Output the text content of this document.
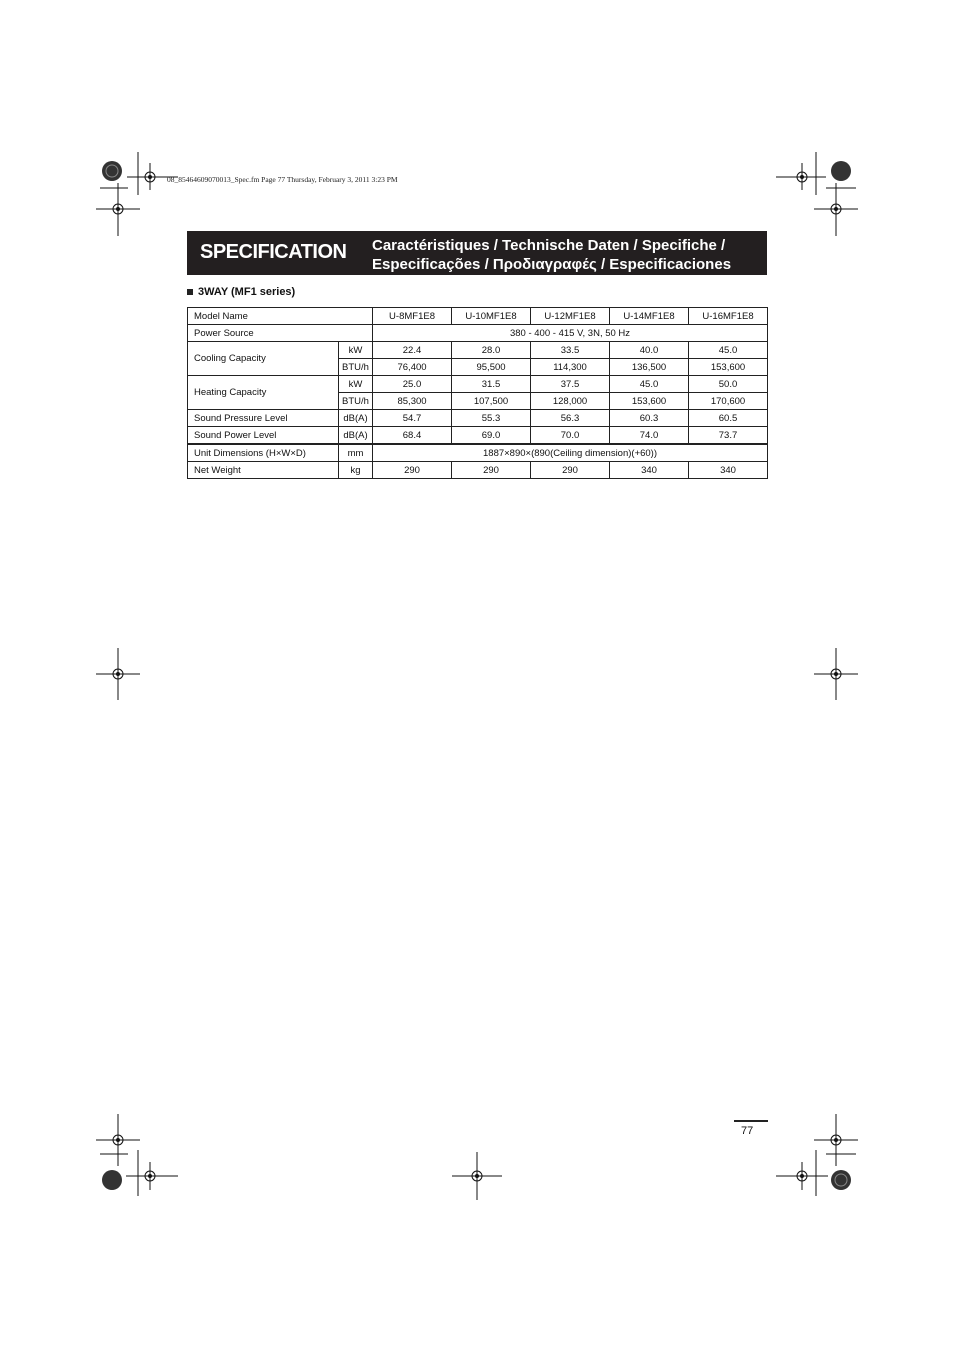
08_85464609070013_Spec.fm Page 77 Thursday, February 3, 2011 3:23 PM
SPECIFICATION Caractéristiques / Technische Daten / Specifiche /
Especificações / Προδιαγραφές / Especificaciones
3WAY (MF1 series)
Model Name		U-8MF1E8	U-10MF1E8	U-12MF1E8	U-14MF1E8	U-16MF1E8
Power Source		380 - 400 - 415 V, 3N, 50 Hz				
Cooling Capacity	kW	22.4	28.0	33.5	40.0	45.0
	BTU/h	76,400	95,500	114,300	136,500	153,600
Heating Capacity	kW	25.0	31.5	37.5	45.0	50.0
	BTU/h	85,300	107,500	128,000	153,600	170,600
Sound Pressure Level	dB(A)	54.7	55.3	56.3	60.3	60.5
Sound Power Level	dB(A)	68.4	69.0	70.0	74.0	73.7
Unit Dimensions (H×W×D)	mm	1887×890×(890(Ceiling dimension)(+60))				
Net Weight	kg	290	290	290	340	340
77
